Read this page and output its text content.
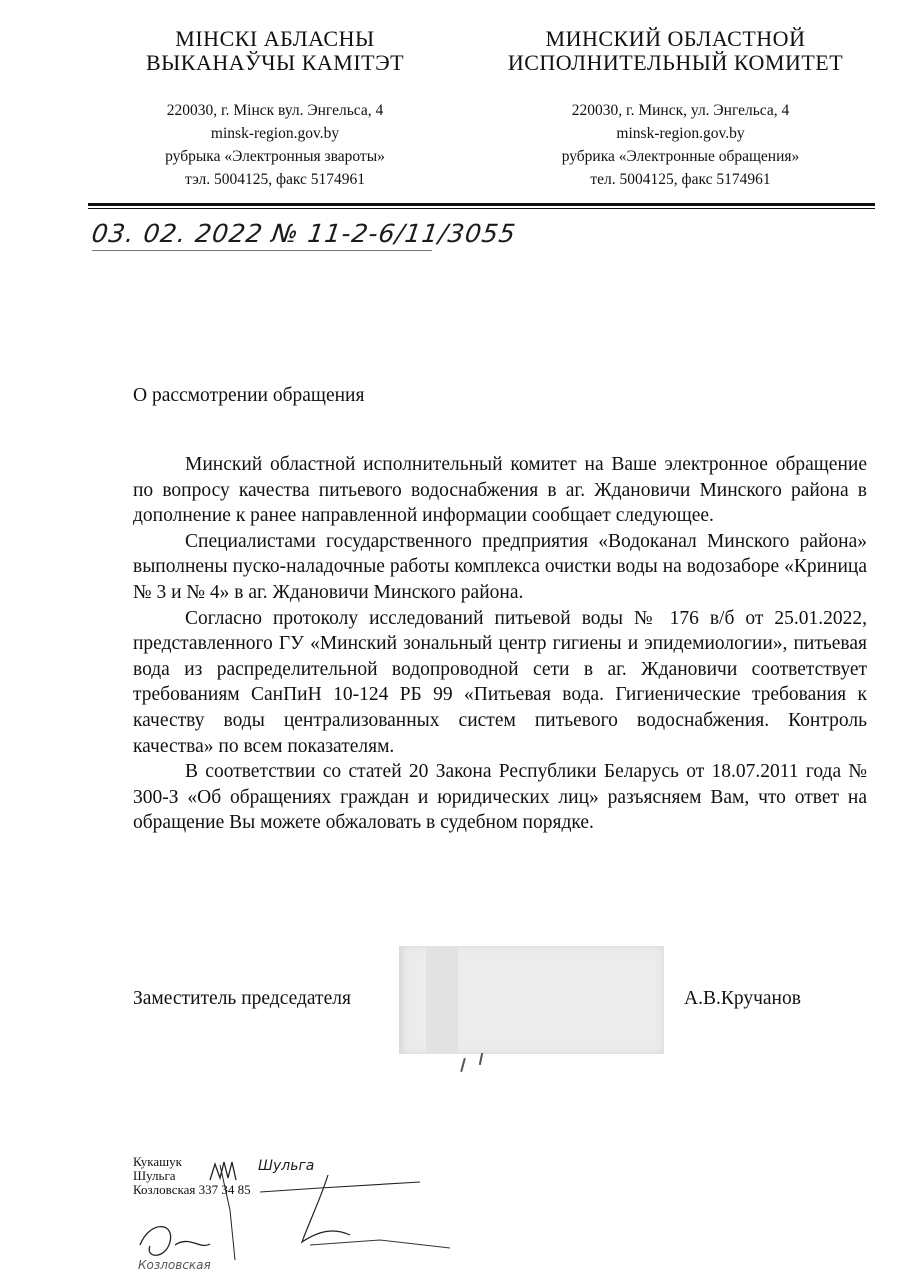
МІНСКІ АБЛАСНЫ
ВЫКАНАЎЧЫ КАМІТЭТ
220030, г. Мінск вул. Энгельса, 4
minsk-region.gov.by
рубрыка «Электронныя звароты»
тэл. 5004125, факс 5174961
МИНСКИЙ ОБЛАСТНОЙ
ИСПОЛНИТЕЛЬНЫЙ КОМИТЕТ
220030, г. Минск, ул. Энгельса, 4
minsk-region.gov.by
рубрика «Электронные обращения»
тел. 5004125, факс 5174961
03. 02. 2022 № 11-2-6/11/3055
О рассмотрении обращения

Минский областной исполнительный комитет на Ваше электронное обращение по вопросу качества питьевого водоснабжения в аг. Ждановичи Минского района в дополнение к ранее направленной информации сообщает следующее.

Специалистами государственного предприятия «Водоканал Минского района» выполнены пуско-наладочные работы комплекса очистки воды на водозаборе «Криница № 3 и № 4» в аг. Ждановичи Минского района.

Согласно протоколу исследований питьевой воды № 176 в/б от 25.01.2022, представленного ГУ «Минский зональный центр гигиены и эпидемиологии», питьевая вода из распределительной водопроводной сети в аг. Ждановичи соответствует требованиям СанПиН 10-124 РБ 99 «Питьевая вода. Гигиенические требования к качеству воды централизованных систем питьевого водоснабжения. Контроль качества» по всем показателям.

В соответствии со статей 20 Закона Республики Беларусь от 18.07.2011 года № 300-З «Об обращениях граждан и юридических лиц» разъясняем Вам, что ответ на обращение Вы можете обжаловать в судебном порядке.

Заместитель председателя	А.В.Кручанов
Кукашук
Шульга
Козловская 337 34 85
Шульга
Козловская
